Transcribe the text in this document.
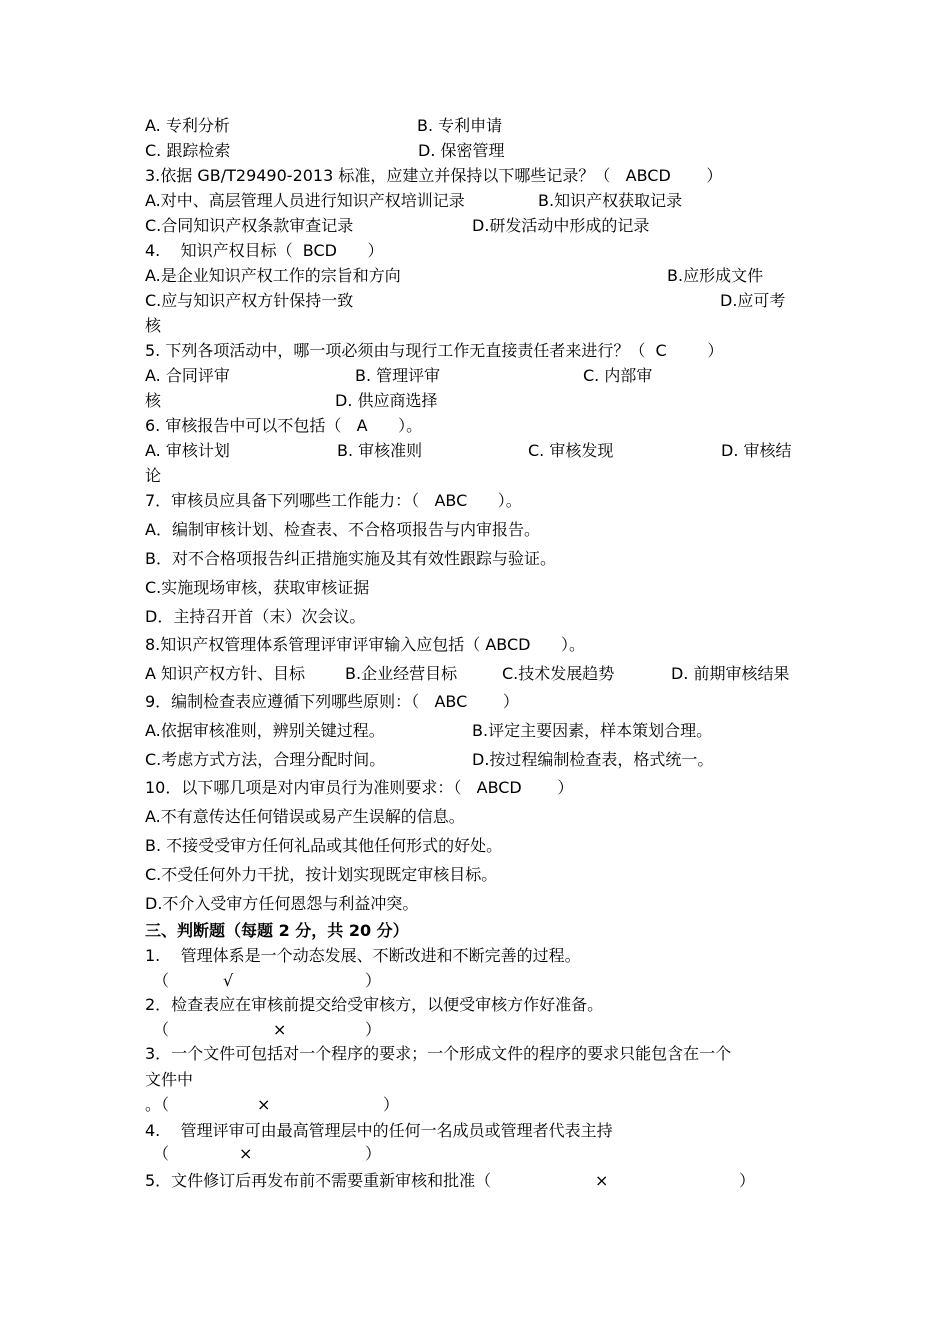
A. 专利分析	B. 专利申请
C. 跟踪检索	D. 保密管理
3.依据 GB/T29490-2013 标准，应建立并保持以下哪些记录？（   ABCD       ）
A.对中、高层管理人员进行知识产权培训记录	B.知识产权获取记录
C.合同知识产权条款审查记录	D.研发活动中形成的记录
4.    知识产权目标（  BCD      ）
A.是企业知识产权工作的宗旨和方向	B.应形成文件
C.应与知识产权方针保持一致	D.应可考
核
5. 下列各项活动中，哪一项必须由与现行工作无直接责任者来进行？（  C        ）
A. 合同评审	B. 管理评审	C. 内部审
核	D. 供应商选择
6. 审核报告中可以不包括（   A      ）。
A. 审核计划	B. 审核准则	C. 审核发现	D. 审核结
论
7．审核员应具备下列哪些工作能力：（   ABC      ）。
A．编制审核计划、检查表、不合格项报告与内审报告。
B．对不合格项报告纠正措施实施及其有效性跟踪与验证。
C.实施现场审核，获取审核证据
D．主持召开首（末）次会议。
8.知识产权管理体系管理评审评审输入应包括（ ABCD      ）。
A 知识产权方针、目标 B.企业经营目标	C.技术发展趋势	D. 前期审核结果
9．编制检查表应遵循下列哪些原则：（   ABC       ）
A.依据审核准则，辨别关键过程。	B.评定主要因素，样本策划合理。
C.考虑方式方法，合理分配时间。	D.按过程编制检查表，格式统一。
10．以下哪几项是对内审员行为准则要求：（   ABCD       ）
A.不有意传达任何错误或易产生误解的信息。
B. 不接受受审方任何礼品或其他任何形式的好处。
C.不受任何外力干扰，按计划实现既定审核目标。
D.不介入受审方任何恩怨与利益冲突。
三、判断题（每题 2 分，共 20 分）
1.    管理体系是一个动态发展、不断改进和不断完善的过程。
（	√	）
2．检查表应在审核前提交给受审核方，以便受审核方作好准备。
（	×	）
3．一个文件可包括对一个程序的要求；一个形成文件的程序的要求只能包含在一个
文件中
。（	×	）
4.    管理评审可由最高管理层中的任何一名成员或管理者代表主持
（	×	）
5．文件修订后再发布前不需要重新审核和批准（	×	）
